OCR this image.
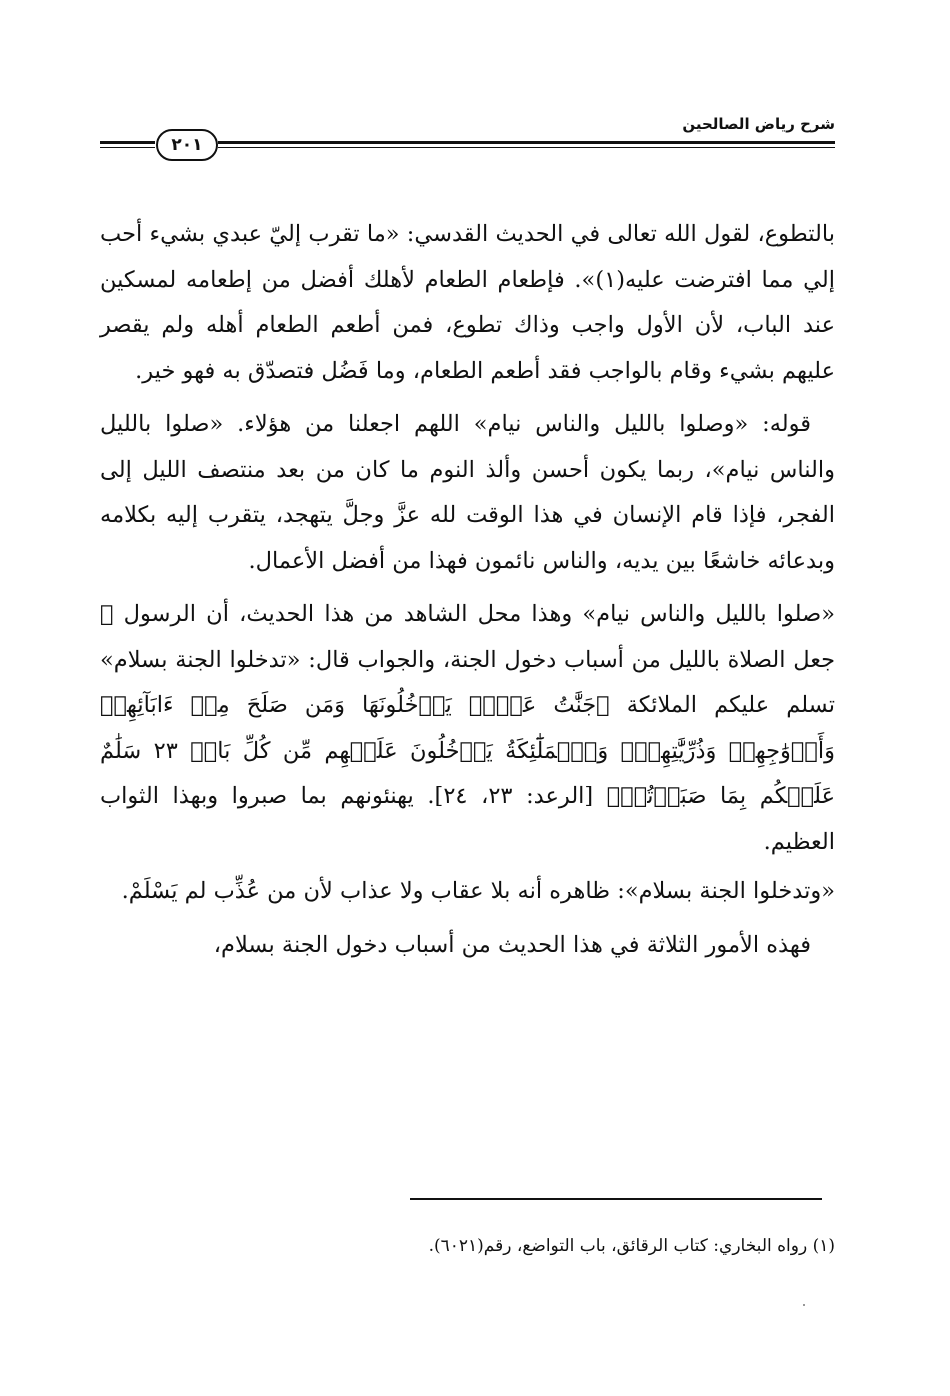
شرح رياض الصالحين
٢٠١

بالتطوع، لقول الله تعالى في الحديث القدسي: «ما تقرب إليّ عبدي بشيء أحب إلي مما افترضت عليه(١)». فإطعام الطعام لأهلك أفضل من إطعامه لمسكين عند الباب، لأن الأول واجب وذاك تطوع، فمن أطعم الطعام أهله ولم يقصر عليهم بشيء وقام بالواجب فقد أطعم الطعام، وما فَضُل فتصدّق به فهو خير.

قوله: «وصلوا بالليل والناس نيام» اللهم اجعلنا من هؤلاء. «صلوا بالليل والناس نيام»، ربما يكون أحسن وألذ النوم ما كان من بعد منتصف الليل إلى الفجر، فإذا قام الإنسان في هذا الوقت لله عزَّ وجلَّ يتهجد، يتقرب إليه بكلامه وبدعائه خاشعًا بين يديه، والناس نائمون فهذا من أفضل الأعمال.

«صلوا بالليل والناس نيام» وهذا محل الشاهد من هذا الحديث، أن الرسول ﷺ جعل الصلاة بالليل من أسباب دخول الجنة، والجواب قال: «تدخلوا الجنة بسلام» تسلم عليكم الملائكة ﴿جَنَّٰتُ عَدۡنٖ يَدۡخُلُونَهَا وَمَن صَلَحَ مِنۡ ءَابَآئِهِمۡ وَأَزۡوَٰجِهِمۡ وَذُرِّيَّٰتِهِمۡۖ وَٱلۡمَلَٰٓئِكَةُ يَدۡخُلُونَ عَلَيۡهِم مِّن كُلِّ بَابٖ ٢٣ سَلَٰمٌ عَلَيۡكُم بِمَا صَبَرۡتُمۡ﴾ [الرعد: ٢٣، ٢٤]. يهنئونهم بما صبروا وبهذا الثواب العظيم.

«وتدخلوا الجنة بسلام»: ظاهره أنه بلا عقاب ولا عذاب لأن من عُذِّب لم يَسْلَمْ.

فهذه الأمور الثلاثة في هذا الحديث من أسباب دخول الجنة بسلام،

(١) رواه البخاري: كتاب الرقائق، باب التواضع، رقم(٦٠٢١).
